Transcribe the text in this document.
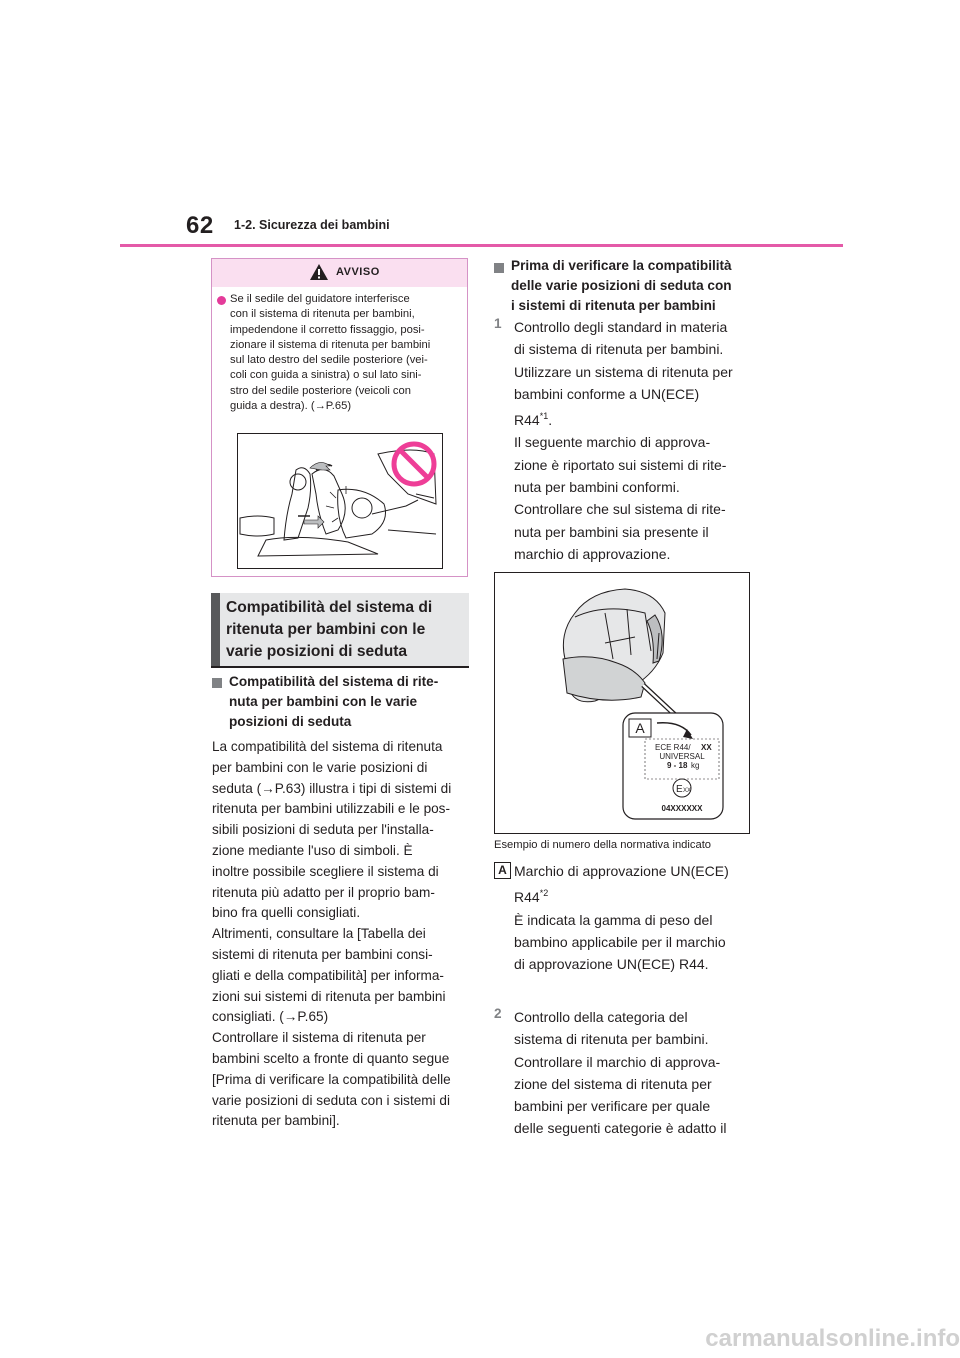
62 1-2. Sicurezza dei bambini
AVVISO
Se il sedile del guidatore interferisce
con il sistema di ritenuta per bambini,
impedendone il corretto fissaggio, posi-
zionare il sistema di ritenuta per bambini
sul lato destro del sedile posteriore (vei-
coli con guida a sinistra) o sul lato sini-
stro del sedile posteriore (veicoli con
guida a destra). (→P.65)
Compatibilità del sistema di
ritenuta per bambini con le
varie posizioni di seduta
Compatibilità del sistema di rite-
nuta per bambini con le varie
posizioni di seduta
La compatibilità del sistema di ritenuta
per bambini con le varie posizioni di
seduta (→P.63) illustra i tipi di sistemi di
ritenuta per bambini utilizzabili e le pos-
sibili posizioni di seduta per l'installa-
zione mediante l'uso di simboli. È
inoltre possibile scegliere il sistema di
ritenuta più adatto per il proprio bam-
bino fra quelli consigliati.
Altrimenti, consultare la [Tabella dei
sistemi di ritenuta per bambini consi-
gliati e della compatibilità] per informa-
zioni sui sistemi di ritenuta per bambini
consigliati. (→P.65)
Controllare il sistema di ritenuta per
bambini scelto a fronte di quanto segue
[Prima di verificare la compatibilità delle
varie posizioni di seduta con i sistemi di
ritenuta per bambini].
Prima di verificare la compatibilità
delle varie posizioni di seduta con
i sistemi di ritenuta per bambini
1 Controllo degli standard in materia
di sistema di ritenuta per bambini.
Utilizzare un sistema di ritenuta per
bambini conforme a UN(ECE)
R44$^{*1}$.
Il seguente marchio di approva-
zione è riportato sui sistemi di rite-
nuta per bambini conformi.
Controllare che sul sistema di rite-
nuta per bambini sia presente il
marchio di approvazione.
A
ECE R44/ XX
UNIVERSAL
9 - 18 kg
E XX
04XXXXXX
Esempio di numero della normativa indicato
A Marchio di approvazione UN(ECE)
R44$^{*2}$
È indicata la gamma di peso del
bambino applicabile per il marchio
di approvazione UN(ECE) R44.
2 Controllo della categoria del
sistema di ritenuta per bambini.
Controllare il marchio di approva-
zione del sistema di ritenuta per
bambini per verificare per quale
delle seguenti categorie è adatto il
carmanualsonline.info
